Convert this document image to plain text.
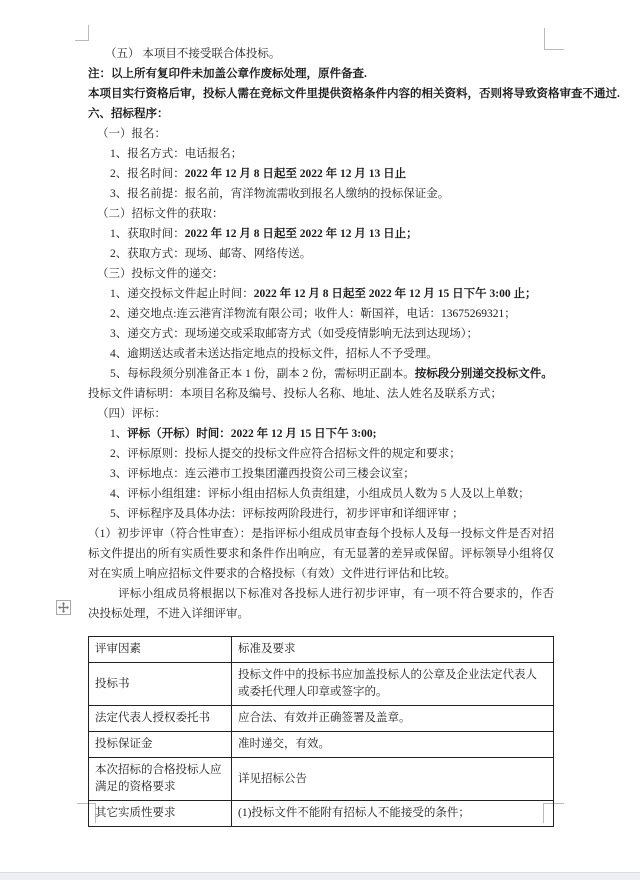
（五） 本项目不接受联合体投标。
注：以上所有复印件未加盖公章作废标处理，原件备查.
本项目实行资格后审，投标人需在竞标文件里提供资格条件内容的相关资料，否则将导致资格审查不通过.
六、招标程序：
（一）报名：
1、报名方式：电话报名；
2、报名时间：2022 年 12 月 8 日起至 2022 年 12 月 13 日止
3、报名前提：报名前，宵洋物流需收到报名人缴纳的投标保证金。
（二）招标文件的获取：
1、获取时间：2022 年 12 月 8 日起至 2022 年 12 月 13 日止；
2、获取方式：现场、邮寄、网络传送。
（三）投标文件的递交：
1、递交投标文件起止时间：2022 年 12 月 8 日起至 2022 年 12 月 15 日下午 3:00 止；
2、递交地点:连云港宵洋物流有限公司；收件人：靳国祥，电话：13675269321；
3、递交方式：现场递交或采取邮寄方式（如受疫情影响无法到达现场）；
4、逾期送达或者未送达指定地点的投标文件，招标人不予受理。
5、每标段须分别准备正本 1 份，副本 2 份，需标明正副本。按标段分别递交投标文件。
投标文件请标明：本项目名称及编号、投标人名称、地址、法人姓名及联系方式；
（四）评标：
1、评标（开标）时间：2022 年 12 月 15 日下午 3:00;
2、评标原则：投标人提交的投标文件应符合招标文件的规定和要求；
3、评标地点：连云港市工投集团灌西投资公司三楼会议室；
4、评标小组组建：评标小组由招标人负责组建，小组成员人数为 5 人及以上单数；
5、评标程序及具体办法：评标按两阶段进行，初步评审和详细评审 ；
（1）初步评审（符合性审查）：是指评标小组成员审查每个投标人及每一投标文件是否对招标文件提出的所有实质性要求和条件作出响应，有无显著的差异或保留。评标领导小组将仅对在实质上响应招标文件要求的合格投标（有效）文件进行评估和比较。
评标小组成员将根据以下标准对各投标人进行初步评审，有一项不符合要求的，作否决投标处理，不进入详细评审。
评审因素	标准及要求
投标书	投标文件中的投标书应加盖投标人的公章及企业法定代表人或委托代理人印章或签字的。
法定代表人授权委托书	应合法、有效并正确签署及盖章。
投标保证金	准时递交，有效。
本次招标的合格投标人应满足的资格要求	详见招标公告
其它实质性要求	(1)投标文件不能附有招标人不能接受的条件；
